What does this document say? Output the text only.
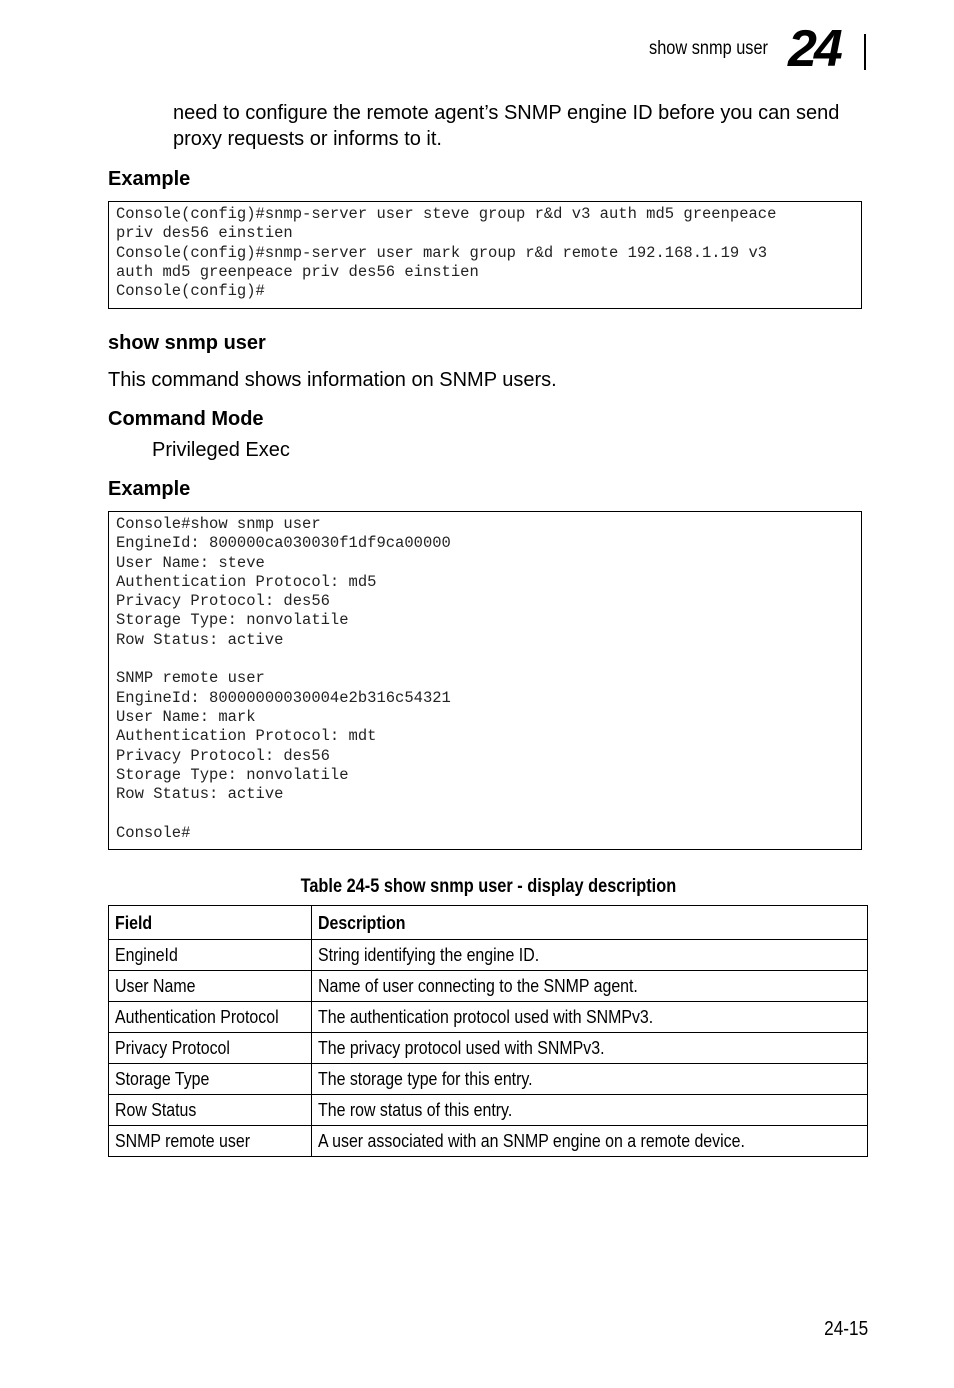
show snmp user 24
need to configure the remote agent’s SNMP engine ID before you can send proxy requests or informs to it.
Example
Console(config)#snmp-server user steve group r&d v3 auth md5 greenpeace
priv des56 einstien
Console(config)#snmp-server user mark group r&d remote 192.168.1.19 v3
auth md5 greenpeace priv des56 einstien
Console(config)#
show snmp user
This command shows information on SNMP users.
Command Mode
Privileged Exec
Example
Console#show snmp user
EngineId: 800000ca030030f1df9ca00000
User Name: steve
Authentication Protocol: md5
Privacy Protocol: des56
Storage Type: nonvolatile
Row Status: active

SNMP remote user
EngineId: 80000000030004e2b316c54321
User Name: mark
Authentication Protocol: mdt
Privacy Protocol: des56
Storage Type: nonvolatile
Row Status: active

Console#
Table 24-5 show snmp user - display description
Field	Description
EngineId	String identifying the engine ID.
User Name	Name of user connecting to the SNMP agent.
Authentication Protocol	The authentication protocol used with SNMPv3.
Privacy Protocol	The privacy protocol used with SNMPv3.
Storage Type	The storage type for this entry.
Row Status	The row status of this entry.
SNMP remote user	A user associated with an SNMP engine on a remote device.
24-15
